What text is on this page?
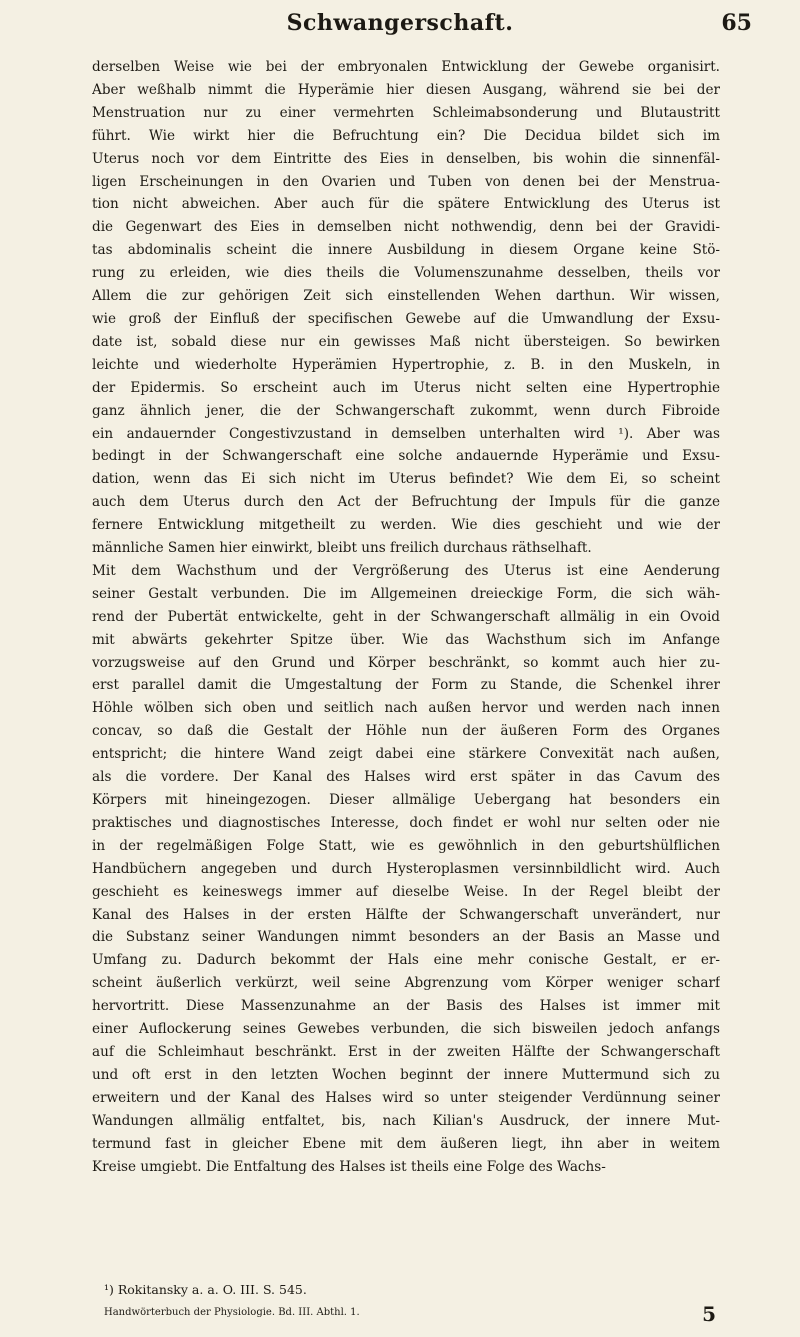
Schwangerschaft.	65
derselben Weise wie bei der embryonalen Entwicklung der Gewebe organisirt.
Aber weßhalb nimmt die Hyperämie hier diesen Ausgang, während sie bei der
Menstruation nur zu einer vermehrten Schleimabsonderung und Blutaustritt
führt. Wie wirkt hier die Befruchtung ein? Die Decidua bildet sich im
Uterus noch vor dem Eintritte des Eies in denselben, bis wohin die sinnenfäl-
ligen Erscheinungen in den Ovarien und Tuben von denen bei der Menstrua-
tion nicht abweichen. Aber auch für die spätere Entwicklung des Uterus ist
die Gegenwart des Eies in demselben nicht nothwendig, denn bei der Gravidi-
tas abdominalis scheint die innere Ausbildung in diesem Organe keine Stö-
rung zu erleiden, wie dies theils die Volumenszunahme desselben, theils vor
Allem die zur gehörigen Zeit sich einstellenden Wehen darthun. Wir wissen,
wie groß der Einfluß der specifischen Gewebe auf die Umwandlung der Exsu-
date ist, sobald diese nur ein gewisses Maß nicht übersteigen. So bewirken
leichte und wiederholte Hyperämien Hypertrophie, z. B. in den Muskeln, in
der Epidermis. So erscheint auch im Uterus nicht selten eine Hypertrophie
ganz ähnlich jener, die der Schwangerschaft zukommt, wenn durch Fibroide
ein andauernder Congestivzustand in demselben unterhalten wird ¹). Aber was
bedingt in der Schwangerschaft eine solche andauernde Hyperämie und Exsu-
dation, wenn das Ei sich nicht im Uterus befindet? Wie dem Ei, so scheint
auch dem Uterus durch den Act der Befruchtung der Impuls für die ganze
fernere Entwicklung mitgetheilt zu werden. Wie dies geschieht und wie der
männliche Samen hier einwirkt, bleibt uns freilich durchaus räthselhaft.
Mit dem Wachsthum und der Vergrößerung des Uterus ist eine Aenderung
seiner Gestalt verbunden. Die im Allgemeinen dreieckige Form, die sich wäh-
rend der Pubertät entwickelte, geht in der Schwangerschaft allmälig in ein Ovoid
mit abwärts gekehrter Spitze über. Wie das Wachsthum sich im Anfange
vorzugsweise auf den Grund und Körper beschränkt, so kommt auch hier zu-
erst parallel damit die Umgestaltung der Form zu Stande, die Schenkel ihrer
Höhle wölben sich oben und seitlich nach außen hervor und werden nach innen
concav, so daß die Gestalt der Höhle nun der äußeren Form des Organes
entspricht; die hintere Wand zeigt dabei eine stärkere Convexität nach außen,
als die vordere. Der Kanal des Halses wird erst später in das Cavum des
Körpers mit hineingezogen. Dieser allmälige Uebergang hat besonders ein
praktisches und diagnostisches Interesse, doch findet er wohl nur selten oder nie
in der regelmäßigen Folge Statt, wie es gewöhnlich in den geburtshülflichen
Handbüchern angegeben und durch Hysteroplasmen versinnbildlicht wird. Auch
geschieht es keineswegs immer auf dieselbe Weise. In der Regel bleibt der
Kanal des Halses in der ersten Hälfte der Schwangerschaft unverändert, nur
die Substanz seiner Wandungen nimmt besonders an der Basis an Masse und
Umfang zu. Dadurch bekommt der Hals eine mehr conische Gestalt, er er-
scheint äußerlich verkürzt, weil seine Abgrenzung vom Körper weniger scharf
hervortritt. Diese Massenzunahme an der Basis des Halses ist immer mit
einer Auflockerung seines Gewebes verbunden, die sich bisweilen jedoch anfangs
auf die Schleimhaut beschränkt. Erst in der zweiten Hälfte der Schwangerschaft
und oft erst in den letzten Wochen beginnt der innere Muttermund sich zu
erweitern und der Kanal des Halses wird so unter steigender Verdünnung seiner
Wandungen allmälig entfaltet, bis, nach Kilian's Ausdruck, der innere Mut-
termund fast in gleicher Ebene mit dem äußeren liegt, ihn aber in weitem
Kreise umgiebt. Die Entfaltung des Halses ist theils eine Folge des Wachs-
¹) Rokitansky a. a. O. III. S. 545.
Handwörterbuch der Physiologie. Bd. III. Abthl. 1.	5
